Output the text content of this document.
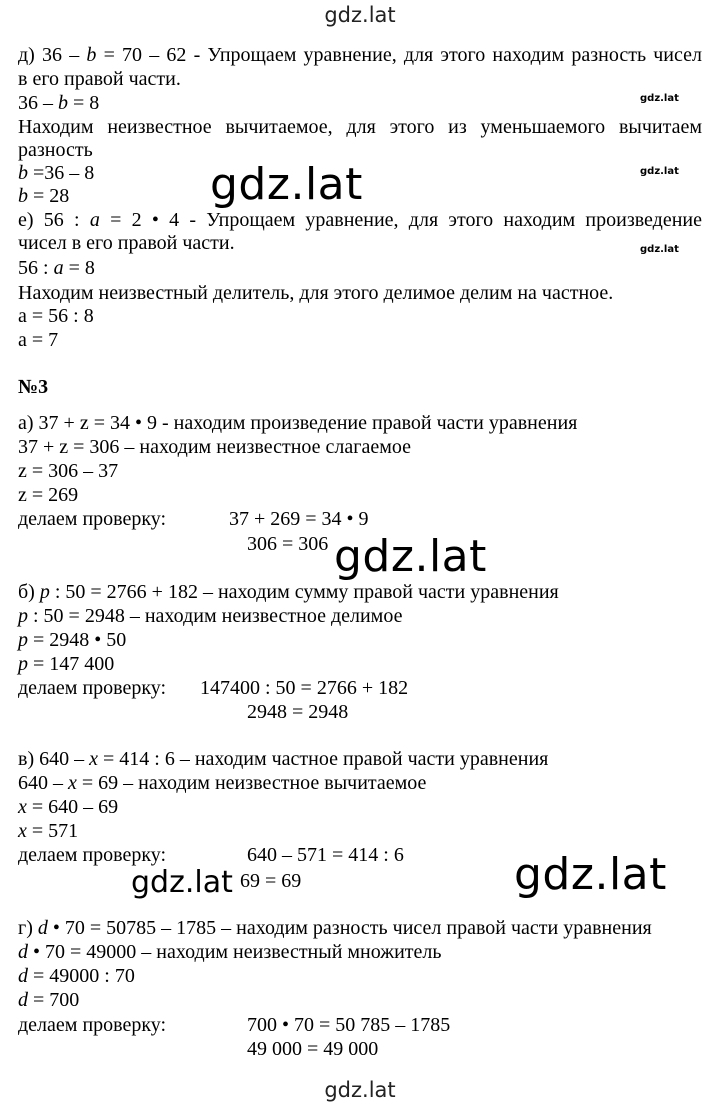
gdz.lat
д) 36 – b = 70 – 62 - Упрощаем уравнение, для этого находим разность чисел
в его правой части.
36 – b = 8
Находим неизвестное вычитаемое, для этого из уменьшаемого вычитаем
разность
b =36 – 8
b = 28
е) 56 : a = 2 • 4 - Упрощаем уравнение, для этого находим произведение
чисел в его правой части.
56 : a = 8
Находим неизвестный делитель, для этого делимое делим на частное.
a = 56 : 8
a = 7
№3
а) 37 + z = 34 • 9 - находим произведение правой части уравнения
37 + z = 306 – находим неизвестное слагаемое
z = 306 – 37
z = 269
делаем проверку:	37 + 269 = 34 • 9
306 = 306
б) p : 50 = 2766 + 182 – находим сумму правой части уравнения
p : 50 = 2948 – находим неизвестное делимое
p = 2948 • 50
p = 147 400
делаем проверку: 147400 : 50 = 2766 + 182
2948 = 2948
в) 640 – x = 414 : 6 – находим частное правой части уравнения
640 – x = 69 – находим неизвестное вычитаемое
x = 640 – 69
x = 571
делаем проверку:	640 – 571 = 414 : 6
69 = 69
г) d • 70 = 50785 – 1785 – находим разность чисел правой части уравнения
d • 70 = 49000 – находим неизвестный множитель
d = 49000 : 70
d = 700
делаем проверку:	700 • 70 = 50 785 – 1785
49 000 = 49 000
gdz.lat
gdz.lat
gdz.lat
gdz.lat
gdz.lat
gdz.lat
gdz.lat
gdz.lat
